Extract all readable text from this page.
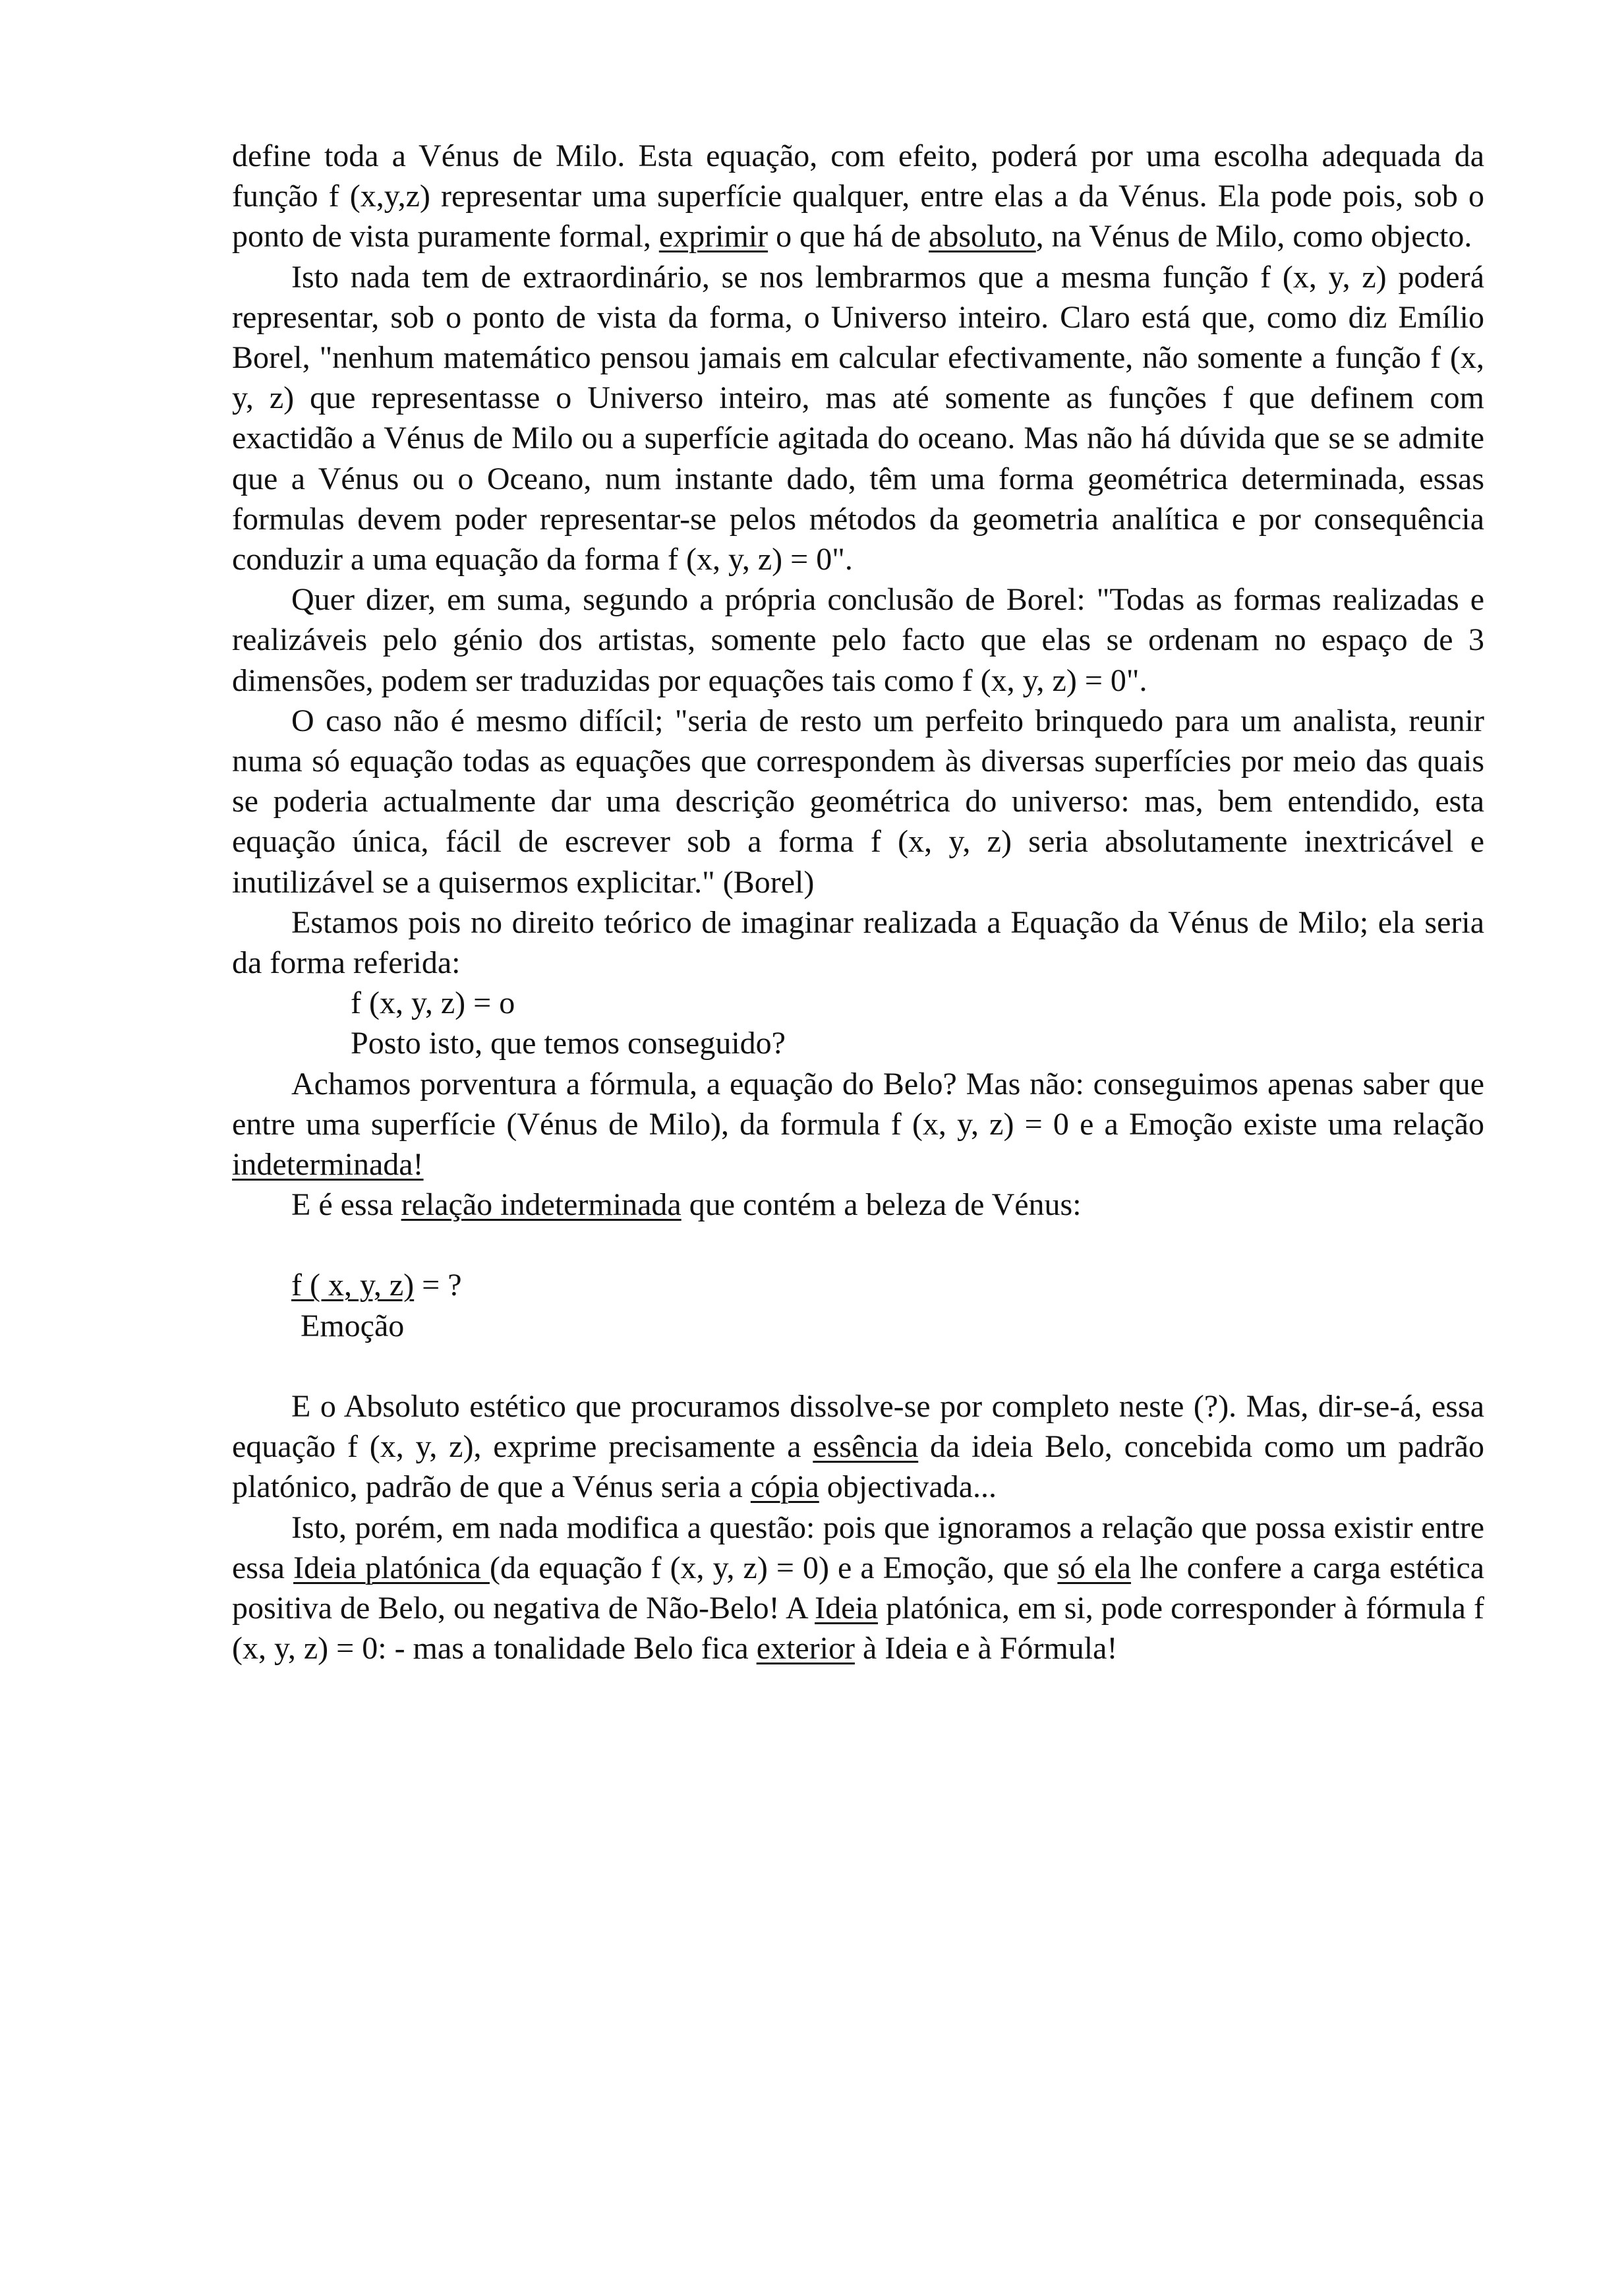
define toda a Vénus de Milo. Esta equação, com efeito, poderá por uma escolha adequada da função f (x,y,z) representar uma superfície qualquer, entre elas a da Vénus. Ela pode pois, sob o ponto de vista puramente formal, exprimir o que há de absoluto, na Vénus de Milo, como objecto.

Isto nada tem de extraordinário, se nos lembrarmos que a mesma função f (x, y, z) poderá representar, sob o ponto de vista da forma, o Universo inteiro. Claro está que, como diz Emílio Borel, "nenhum matemático pensou jamais em calcular efectivamente, não somente a função f (x, y, z) que representasse o Universo inteiro, mas até somente as funções f que definem com exactidão a Vénus de Milo ou a superfície agitada do oceano. Mas não há dúvida que se se admite que a Vénus ou o Oceano, num instante dado, têm uma forma geométrica determinada, essas formulas devem poder representar-se pelos métodos da geometria analítica e por consequência conduzir a uma equação da forma f (x, y, z) = 0".

Quer dizer, em suma, segundo a própria conclusão de Borel: "Todas as formas realizadas e realizáveis pelo génio dos artistas, somente pelo facto que elas se ordenam no espaço de 3 dimensões, podem ser traduzidas por equações tais como f (x, y, z) = 0".

O caso não é mesmo difícil; "seria de resto um perfeito brinquedo para um analista, reunir numa só equação todas as equações que correspondem às diversas superfícies por meio das quais se poderia actualmente dar uma descrição geométrica do universo: mas, bem entendido, esta equação única, fácil de escrever sob a forma f (x, y, z) seria absolutamente inextricável e inutilizável se a quisermos explicitar." (Borel)

Estamos pois no direito teórico de imaginar realizada a Equação da Vénus de Milo; ela seria da forma referida:

f (x, y, z) = o

Posto isto, que temos conseguido?

Achamos porventura a fórmula, a equação do Belo? Mas não: conseguimos apenas saber que entre uma superfície (Vénus de Milo), da formula f (x, y, z) = 0 e a Emoção existe uma relação indeterminada!

E é essa relação indeterminada que contém a beleza de Vénus:

f ( x, y, z) = ?
Emoção

E o Absoluto estético que procuramos dissolve-se por completo neste (?). Mas, dir-se-á, essa equação f (x, y, z), exprime precisamente a essência da ideia Belo, concebida como um padrão platónico, padrão de que a Vénus seria a cópia objectivada...

Isto, porém, em nada modifica a questão: pois que ignoramos a relação que possa existir entre essa Ideia platónica (da equação f (x, y, z) = 0) e a Emoção, que só ela lhe confere a carga estética positiva de Belo, ou negativa de Não-Belo! A Ideia platónica, em si, pode corresponder à fórmula f (x, y, z) = 0: - mas a tonalidade Belo fica exterior à Ideia e à Fórmula!
